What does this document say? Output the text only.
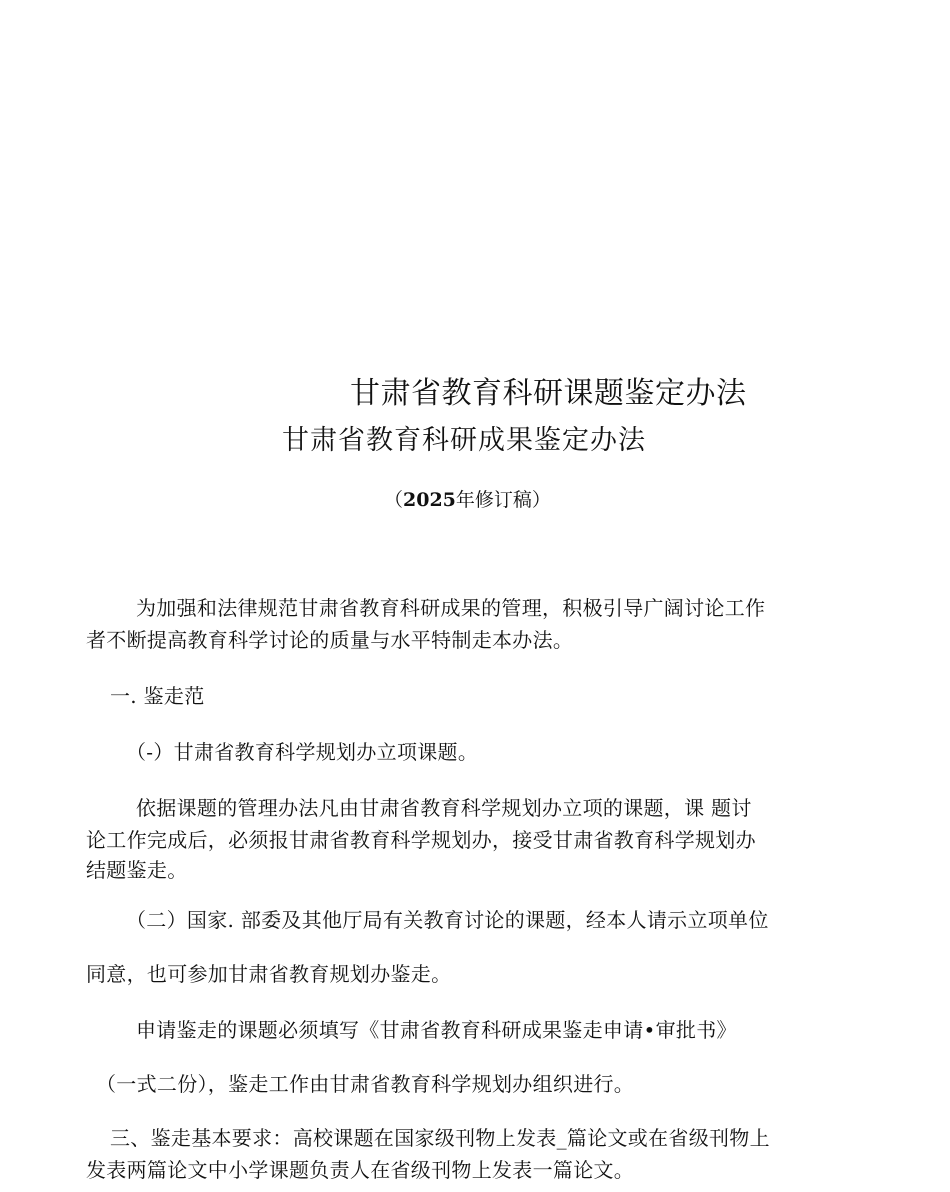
甘肃省教育科研课题鉴定办法
甘肃省教育科研成果鉴定办法
（2025年修订稿）
为加强和法律规范甘肃省教育科研成果的管理，积极引导广阔讨论工作
者不断提高教育科学讨论的质量与水平特制走本办法。
一. 鉴走范
（-）甘肃省教育科学规划办立项课题。
依据课题的管理办法凡由甘肃省教育科学规划办立项的课题，课 题讨
论工作完成后，必须报甘肃省教育科学规划办，接受甘肃省教育科学规划办
结题鉴走。
（二）国家. 部委及其他厅局有关教育讨论的课题，经本人请示立项单位
同意，也可参加甘肃省教育规划办鉴走。
申请鉴走的课题必须填写《甘肃省教育科研成果鉴走申请•审批书》
（一式二份），鉴走工作由甘肃省教育科学规划办组织进行。
三、鉴走基本要求：高校课题在国家级刊物上发表_篇论文或在省级刊物上
发表两篇论文中小学课题负责人在省级刊物上发表一篇论文。
